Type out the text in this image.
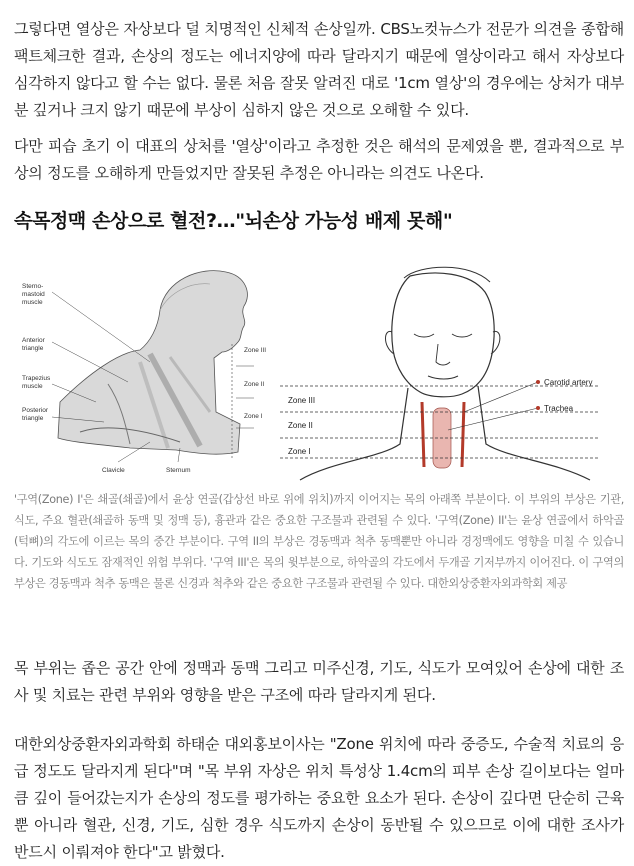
그렇다면 열상은 자상보다 덜 치명적인 신체적 손상일까. CBS노컷뉴스가 전문가 의견을 종합해 팩트체크한 결과, 손상의 정도는 에너지양에 따라 달라지기 때문에 열상이라고 해서 자상보다 심각하지 않다고 할 수는 없다. 물론 처음 잘못 알려진 대로 '1cm 열상'의 경우에는 상처가 대부분 깊거나 크지 않기 때문에 부상이 심하지 않은 것으로 오해할 수 있다.

다만 피습 초기 이 대표의 상처를 '열상'이라고 추정한 것은 해석의 문제였을 뿐, 결과적으로 부상의 정도를 오해하게 만들었지만 잘못된 추정은 아니라는 의견도 나온다.

속목정맥 손상으로 혈전?…"뇌손상 가능성 배제 못해"
Sterno-
mastoid
muscle
Anterior
triangle
Trapezius
muscle
Posterior
triangle
Clavicle	Sternum
Zone III
Zone II
Zone I
Zone III
Zone II
Zone I
Carotid artery
Trachea

'구역(Zone) I'은 쇄골(쇄골)에서 윤상 연골(갑상선 바로 위에 위치)까지 이어지는 목의 아래쪽 부분이다. 이 부위의 부상은 기관, 식도, 주요 혈관(쇄골하 동맥 및 정맥 등), 흉관과 같은 중요한 구조물과 관련될 수 있다. '구역(Zone) II'는 윤상 연골에서 하악골(턱뼈)의 각도에 이르는 목의 중간 부분이다. 구역 II의 부상은 경동맥과 척추 동맥뿐만 아니라 경정맥에도 영향을 미칠 수 있습니다. 기도와 식도도 잠재적인 위험 부위다. '구역 III'은 목의 윗부분으로, 하악골의 각도에서 두개골 기저부까지 이어진다. 이 구역의 부상은 경동맥과 척추 동맥은 물론 신경과 척추와 같은 중요한 구조물과 관련될 수 있다. 대한외상중환자외과학회 제공

목 부위는 좁은 공간 안에 정맥과 동맥 그리고 미주신경, 기도, 식도가 모여있어 손상에 대한 조사 및 치료는 관련 부위와 영향을 받은 구조에 따라 달라지게 된다.

대한외상중환자외과학회 하태순 대외홍보이사는 "Zone 위치에 따라 중증도, 수술적 치료의 응급 정도도 달라지게 된다"며 "목 부위 자상은 위치 특성상 1.4cm의 피부 손상 길이보다는 얼마큼 깊이 들어갔는지가 손상의 정도를 평가하는 중요한 요소가 된다. 손상이 깊다면 단순히 근육뿐 아니라 혈관, 신경, 기도, 심한 경우 식도까지 손상이 동반될 수 있으므로 이에 대한 조사가 반드시 이뤄져야 한다"고 밝혔다.
